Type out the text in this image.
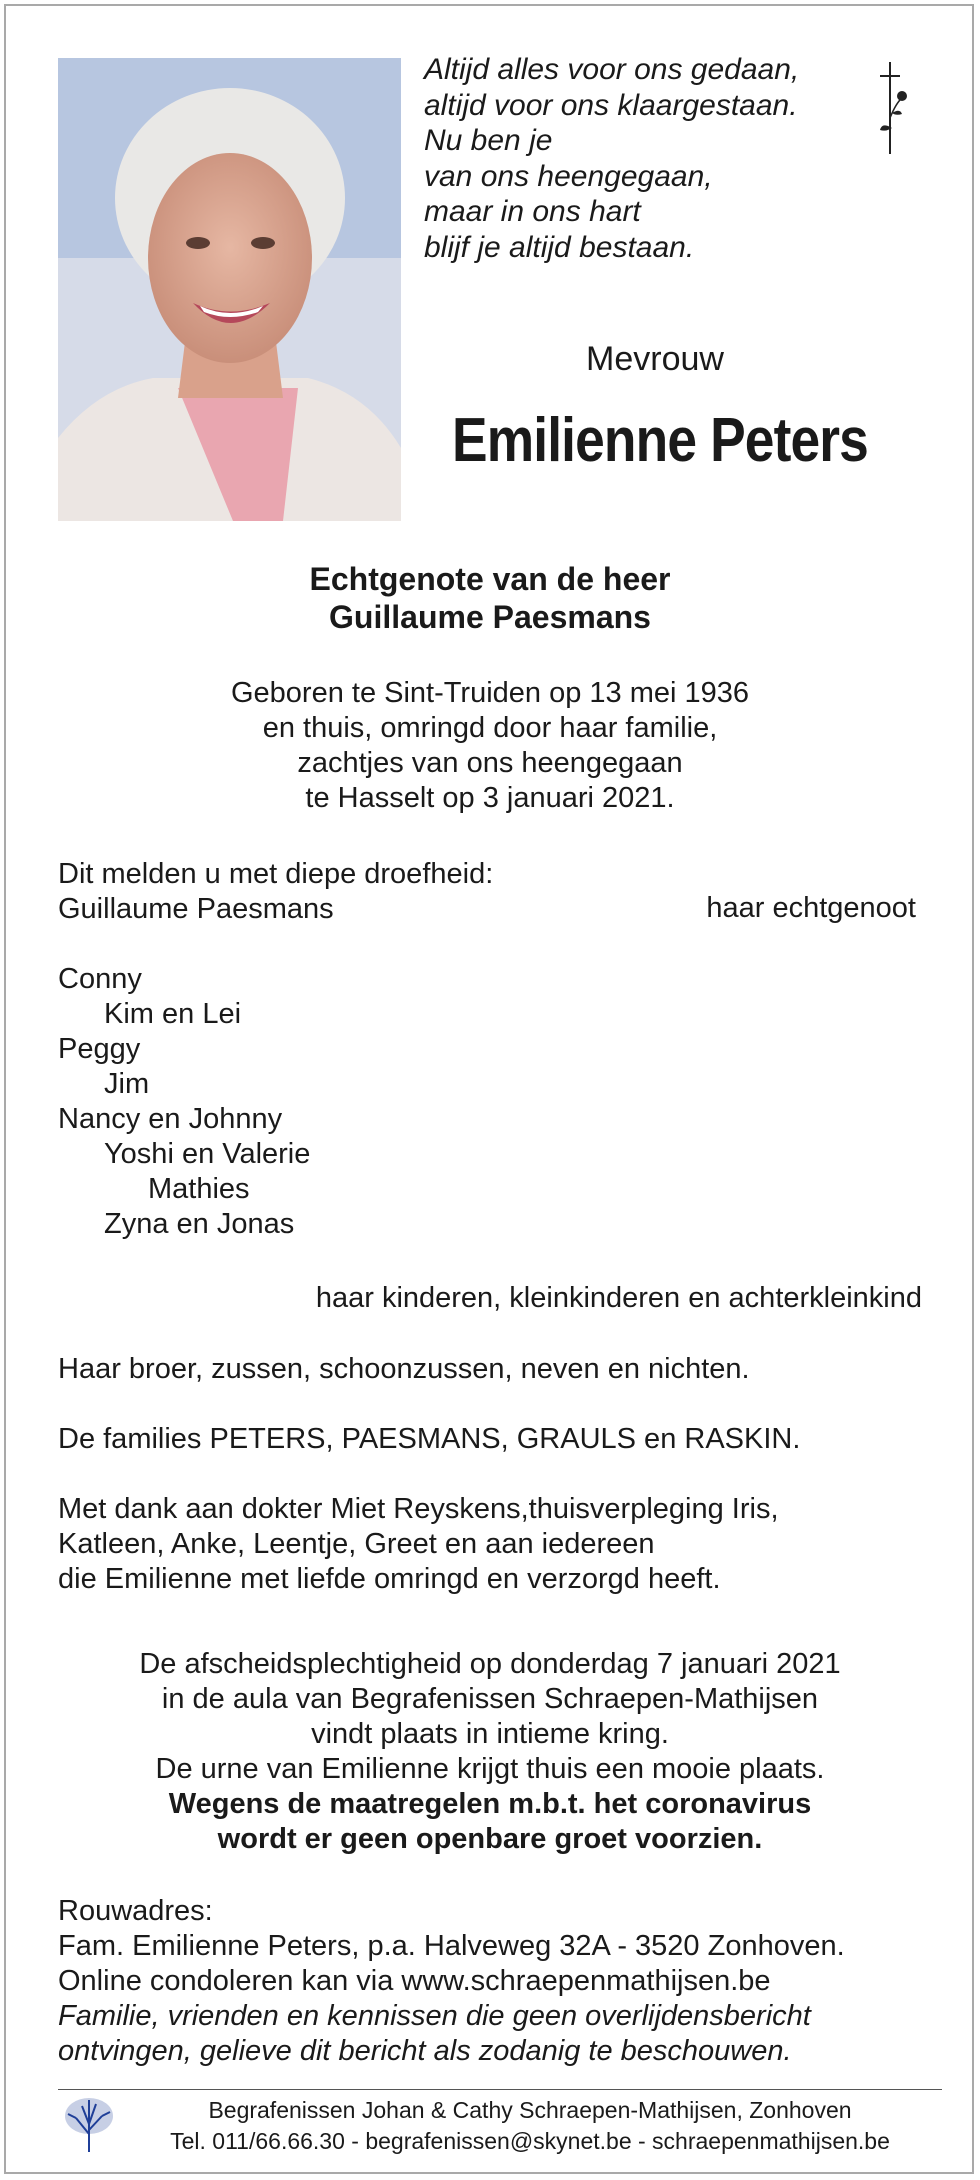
Altijd alles voor ons gedaan,
altijd voor ons klaargestaan.
Nu ben je
van ons heengegaan,
maar in ons hart
blijf je altijd bestaan.
Mevrouw
Emilienne Peters
Echtgenote van de heer
Guillaume Paesmans
Geboren te Sint-Truiden op 13 mei 1936
en thuis, omringd door haar familie,
zachtjes van ons heengegaan
te Hasselt op 3 januari 2021.
Dit melden u met diepe droefheid:
Guillaume Paesmans	haar echtgenoot
Conny
Kim en Lei
Peggy
Jim
Nancy en Johnny
Yoshi en Valerie
Mathies
Zyna en Jonas
haar kinderen, kleinkinderen en achterkleinkind
Haar broer, zussen, schoonzussen, neven en nichten.
De families PETERS, PAESMANS, GRAULS en RASKIN.
Met dank aan dokter Miet Reyskens,thuisverpleging Iris,
Katleen, Anke, Leentje, Greet en aan iedereen
die Emilienne met liefde omringd en verzorgd heeft.
De afscheidsplechtigheid op donderdag 7 januari 2021
in de aula van Begrafenissen Schraepen-Mathijsen
vindt plaats in intieme kring.
De urne van Emilienne krijgt thuis een mooie plaats.
Wegens de maatregelen m.b.t. het coronavirus
wordt er geen openbare groet voorzien.
Rouwadres:
Fam. Emilienne Peters, p.a. Halveweg 32A - 3520 Zonhoven.
Online condoleren kan via www.schraepenmathijsen.be
Familie, vrienden en kennissen die geen overlijdensbericht
ontvingen, gelieve dit bericht als zodanig te beschouwen.
Begrafenissen Johan & Cathy Schraepen-Mathijsen, Zonhoven
Tel. 011/66.66.30 - begrafenissen@skynet.be - schraepenmathijsen.be
